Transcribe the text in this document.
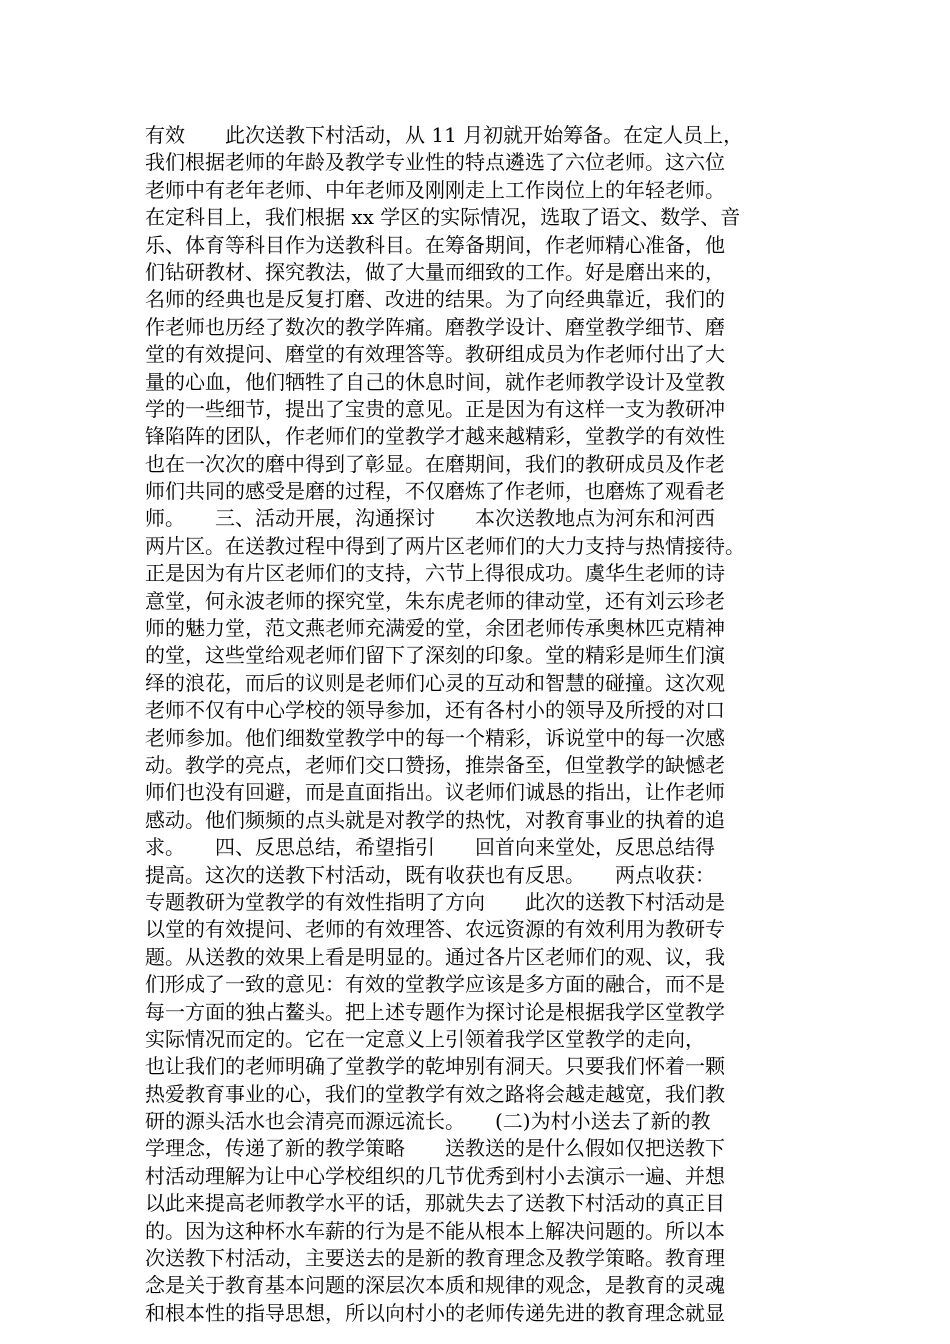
有效　　此次送教下村活动，从 11 月初就开始筹备。在定人员上，
我们根据老师的年龄及教学专业性的特点遴选了六位老师。这六位
老师中有老年老师、中年老师及刚刚走上工作岗位上的年轻老师。
在定科目上，我们根据 xx 学区的实际情况，选取了语文、数学、音
乐、体育等科目作为送教科目。在筹备期间，作老师精心准备，他
们钻研教材、探究教法，做了大量而细致的工作。好是磨出来的，
名师的经典也是反复打磨、改进的结果。为了向经典靠近，我们的
作老师也历经了数次的教学阵痛。磨教学设计、磨堂教学细节、磨
堂的有效提问、磨堂的有效理答等。教研组成员为作老师付出了大
量的心血，他们牺牲了自己的休息时间，就作老师教学设计及堂教
学的一些细节，提出了宝贵的意见。正是因为有这样一支为教研冲
锋陷阵的团队，作老师们的堂教学才越来越精彩，堂教学的有效性
也在一次次的磨中得到了彰显。在磨期间，我们的教研成员及作老
师们共同的感受是磨的过程，不仅磨炼了作老师，也磨炼了观看老
师。　　三、活动开展，沟通探讨　　本次送教地点为河东和河西
两片区。在送教过程中得到了两片区老师们的大力支持与热情接待。
正是因为有片区老师们的支持，六节上得很成功。虞华生老师的诗
意堂，何永波老师的探究堂，朱东虎老师的律动堂，还有刘云珍老
师的魅力堂，范文燕老师充满爱的堂，余团老师传承奥林匹克精神
的堂，这些堂给观老师们留下了深刻的印象。堂的精彩是师生们演
绎的浪花，而后的议则是老师们心灵的互动和智慧的碰撞。这次观
老师不仅有中心学校的领导参加，还有各村小的领导及所授的对口
老师参加。他们细数堂教学中的每一个精彩，诉说堂中的每一次感
动。教学的亮点，老师们交口赞扬，推崇备至，但堂教学的缺憾老
师们也没有回避，而是直面指出。议老师们诚恳的指出，让作老师
感动。他们频频的点头就是对教学的热忱，对教育事业的执着的追
求。　　四、反思总结，希望指引　　回首向来堂处，反思总结得
提高。这次的送教下村活动，既有收获也有反思。　　两点收获：
专题教研为堂教学的有效性指明了方向　　此次的送教下村活动是
以堂的有效提问、老师的有效理答、农远资源的有效利用为教研专
题。从送教的效果上看是明显的。通过各片区老师们的观、议，我
们形成了一致的意见：有效的堂教学应该是多方面的融合，而不是
每一方面的独占鳌头。把上述专题作为探讨论是根据我学区堂教学
实际情况而定的。它在一定意义上引领着我学区堂教学的走向，
也让我们的老师明确了堂教学的乾坤别有洞天。只要我们怀着一颗
热爱教育事业的心，我们的堂教学有效之路将会越走越宽，我们教
研的源头活水也会清亮而源远流长。　　(二)为村小送去了新的教
学理念，传递了新的教学策略　　送教送的是什么假如仅把送教下
村活动理解为让中心学校组织的几节优秀到村小去演示一遍、并想
以此来提高老师教学水平的话，那就失去了送教下村活动的真正目
的。因为这种杯水车薪的行为是不能从根本上解决问题的。所以本
次送教下村活动，主要送去的是新的教育理念及教学策略。教育理
念是关于教育基本问题的深层次本质和规律的观念，是教育的灵魂
和根本性的指导思想，所以向村小的老师传递先进的教育理念就显
